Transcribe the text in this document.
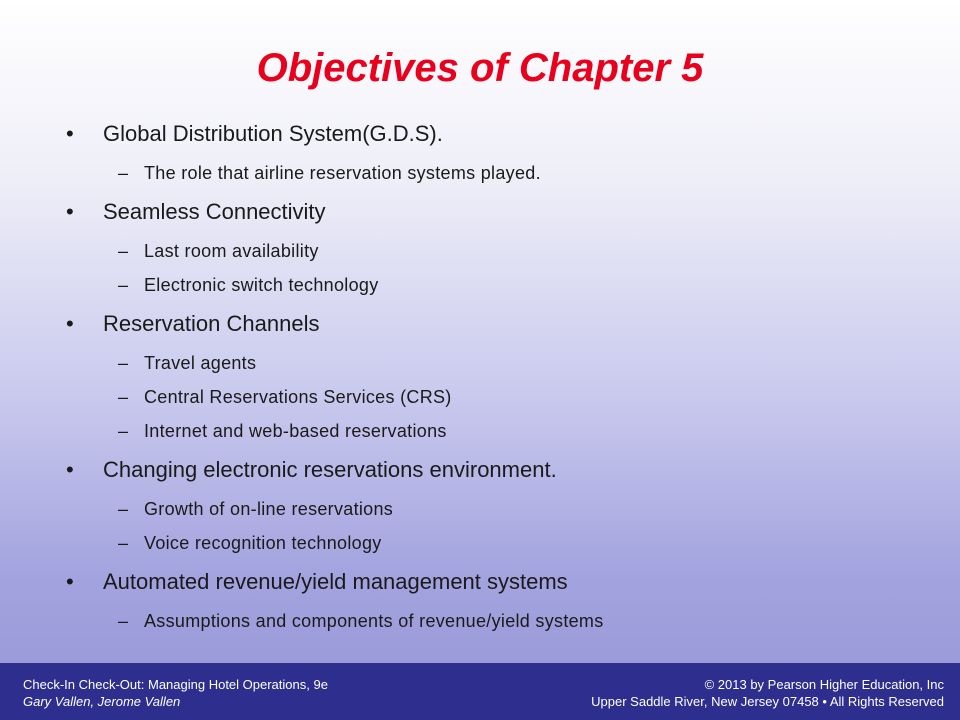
Objectives of Chapter 5
• Global Distribution System(G.D.S).
– The role that airline reservation systems played.
• Seamless Connectivity
– Last room availability
– Electronic switch technology
• Reservation Channels
– Travel agents
– Central Reservations Services (CRS)
– Internet and web-based reservations
• Changing electronic reservations environment.
– Growth of on-line reservations
– Voice recognition technology
• Automated revenue/yield management systems
– Assumptions and components of revenue/yield systems
Check-In Check-Out: Managing Hotel Operations, 9e
Gary Vallen, Jerome Vallen
© 2013 by Pearson Higher Education, Inc
Upper Saddle River, New Jersey 07458 • All Rights Reserved
